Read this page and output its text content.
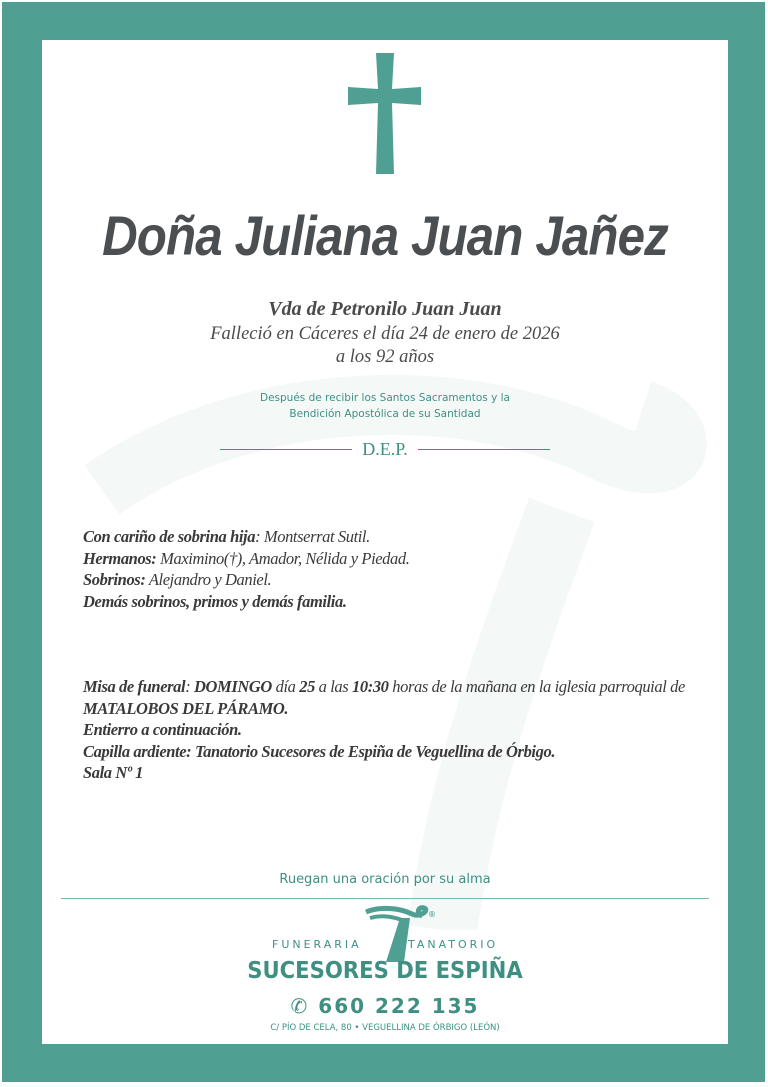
Doña Juliana Juan Jañez
Vda de Petronilo Juan Juan
Falleció en Cáceres el día 24 de enero de 2026
a los 92 años
Después de recibir los Santos Sacramentos y la
Bendición Apostólica de su Santidad
D.E.P.
Con cariño de sobrina hija: Montserrat Sutil.
Hermanos: Maximino(†), Amador, Nélida y Piedad.
Sobrinos: Alejandro y Daniel.
Demás sobrinos, primos y demás familia.
Misa de funeral: DOMINGO día 25 a las 10:30 horas de la mañana en la iglesia parroquial de MATALOBOS DEL PÁRAMO.
Entierro a continuación.
Capilla ardiente: Tanatorio Sucesores de Espiña de Veguellina de Órbigo.
Sala Nº 1
Ruegan una oración por su alma
®
FUNERARIA	TANATORIO
SUCESORES DE ESPIÑA
✆ 660 222 135
C/ PÍO DE CELA, 80 • VEGUELLINA DE ÓRBIGO (LEÓN)
